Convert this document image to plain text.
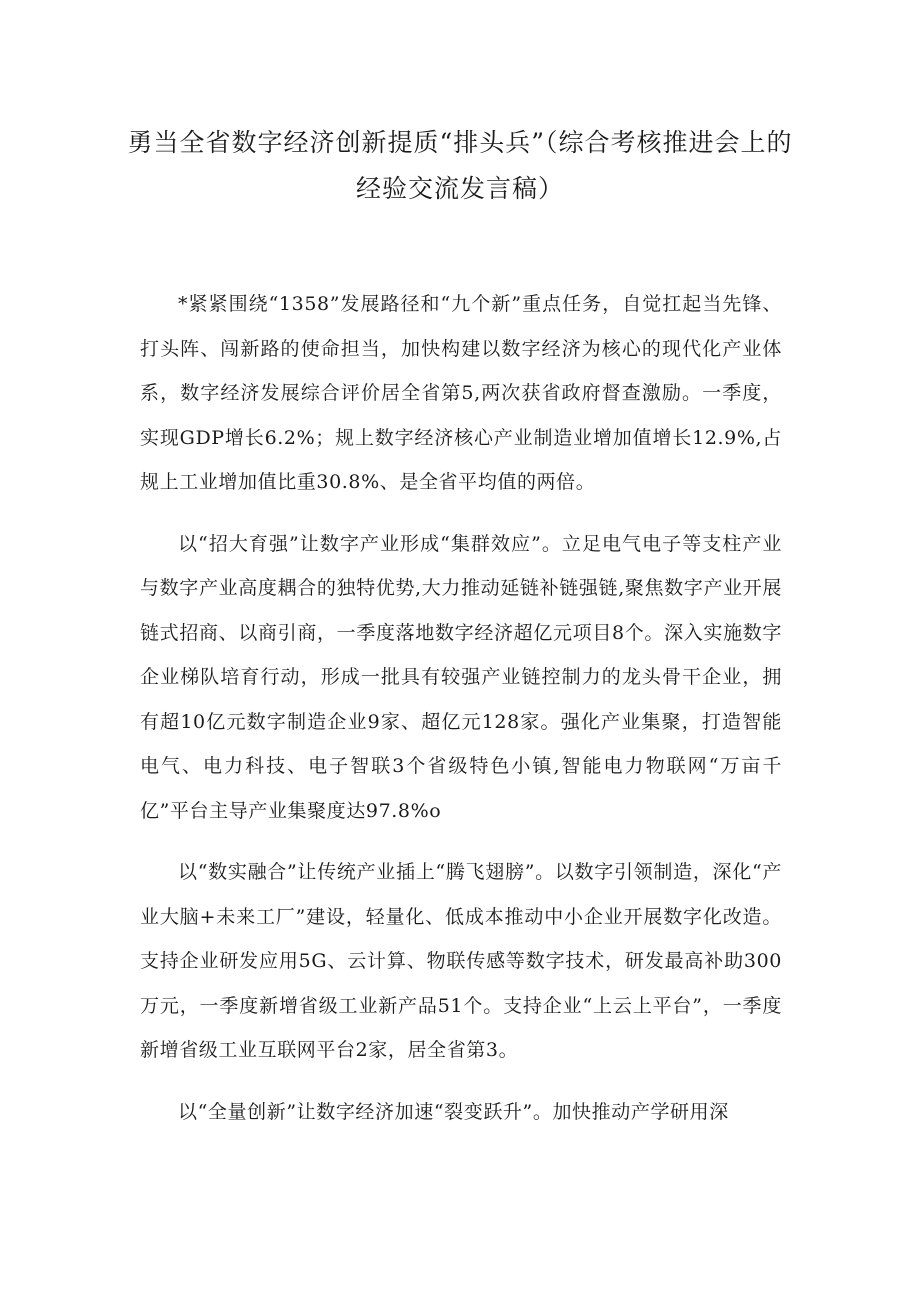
勇当全省数字经济创新提质“排头兵”（综合考核推进会上的经验交流发言稿）

*紧紧围绕“1358”发展路径和“九个新”重点任务，自觉扛起当先锋、打头阵、闯新路的使命担当，加快构建以数字经济为核心的现代化产业体系，数字经济发展综合评价居全省第5,两次获省政府督查激励。一季度，实现GDP增长6.2%；规上数字经济核心产业制造业增加值增长12.9%,占规上工业增加值比重30.8%、是全省平均值的两倍。

以“招大育强”让数字产业形成“集群效应”。立足电气电子等支柱产业与数字产业高度耦合的独特优势,大力推动延链补链强链,聚焦数字产业开展链式招商、以商引商，一季度落地数字经济超亿元项目8个。深入实施数字企业梯队培育行动，形成一批具有较强产业链控制力的龙头骨干企业，拥有超10亿元数字制造企业9家、超亿元128家。强化产业集聚，打造智能电气、电力科技、电子智联3个省级特色小镇,智能电力物联网“万亩千亿”平台主导产业集聚度达97.8%o

以“数实融合”让传统产业插上“腾飞翅膀”。以数字引领制造，深化“产业大脑+未来工厂”建设，轻量化、低成本推动中小企业开展数字化改造。支持企业研发应用5G、云计算、物联传感等数字技术，研发最高补助300万元，一季度新增省级工业新产品51个。支持企业“上云上平台”，一季度新增省级工业互联网平台2家，居全省第3。

以“全量创新”让数字经济加速“裂变跃升”。加快推动产学研用深
